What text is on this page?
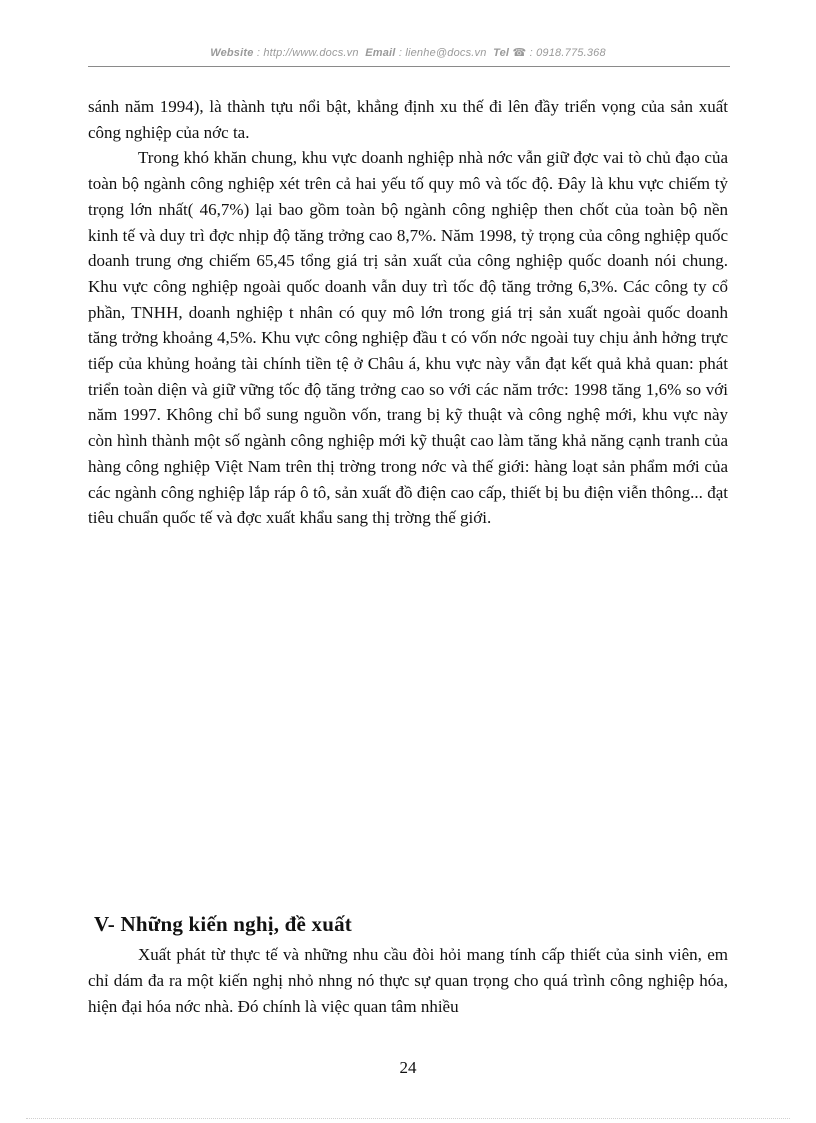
Website : http://www.docs.vn Email : lienhe@docs.vn Tel ☎ : 0918.775.368

sánh năm 1994), là thành tựu nổi bật, khẳng định xu thế đi lên đầy triển vọng của sản xuất công nghiệp của nớc ta.

Trong khó khăn chung, khu vực doanh nghiệp nhà nớc vẫn giữ đợc vai tò chủ đạo của toàn bộ ngành công nghiệp xét trên cả hai yếu tố quy mô và tốc độ. Đây là khu vực chiếm tỷ trọng lớn nhất( 46,7%) lại bao gồm toàn bộ ngành công nghiệp then chốt của toàn bộ nền kinh tế và duy trì đợc nhịp độ tăng trởng cao 8,7%. Năm 1998, tỷ trọng của công nghiệp quốc doanh trung ơng chiếm 65,45 tổng giá trị sản xuất của công nghiệp quốc doanh nói chung. Khu vực công nghiệp ngoài quốc doanh vẫn duy trì tốc độ tăng trởng 6,3%. Các công ty cổ phần, TNHH, doanh nghiệp t nhân có quy mô lớn trong giá trị sản xuất ngoài quốc doanh tăng trởng khoảng 4,5%. Khu vực công nghiệp đầu t có vốn nớc ngoài tuy chịu ảnh hởng trực tiếp của khủng hoảng tài chính tiền tệ ở Châu á, khu vực này vẫn đạt kết quả khả quan: phát triển toàn diện và giữ vững tốc độ tăng trởng cao so với các năm trớc: 1998 tăng 1,6% so với năm 1997. Không chỉ bổ sung nguồn vốn, trang bị kỹ thuật và công nghệ mới, khu vực này còn hình thành một số ngành công nghiệp mới kỹ thuật cao làm tăng khả năng cạnh tranh của hàng công nghiệp Việt Nam trên thị trờng trong nớc và thế giới: hàng loạt sản phẩm mới của các ngành công nghiệp lắp ráp ô tô, sản xuất đồ điện cao cấp, thiết bị bu điện viễn thông... đạt tiêu chuẩn quốc tế và đợc xuất khẩu sang thị trờng thế giới.

V- Những kiến nghị, đề xuất

Xuất phát từ thực tế và những nhu cầu đòi hỏi mang tính cấp thiết của sinh viên, em chỉ dám đa ra một kiến nghị nhỏ nhng nó thực sự quan trọng cho quá trình công nghiệp hóa, hiện đại hóa nớc nhà. Đó chính là việc quan tâm nhiều

24
